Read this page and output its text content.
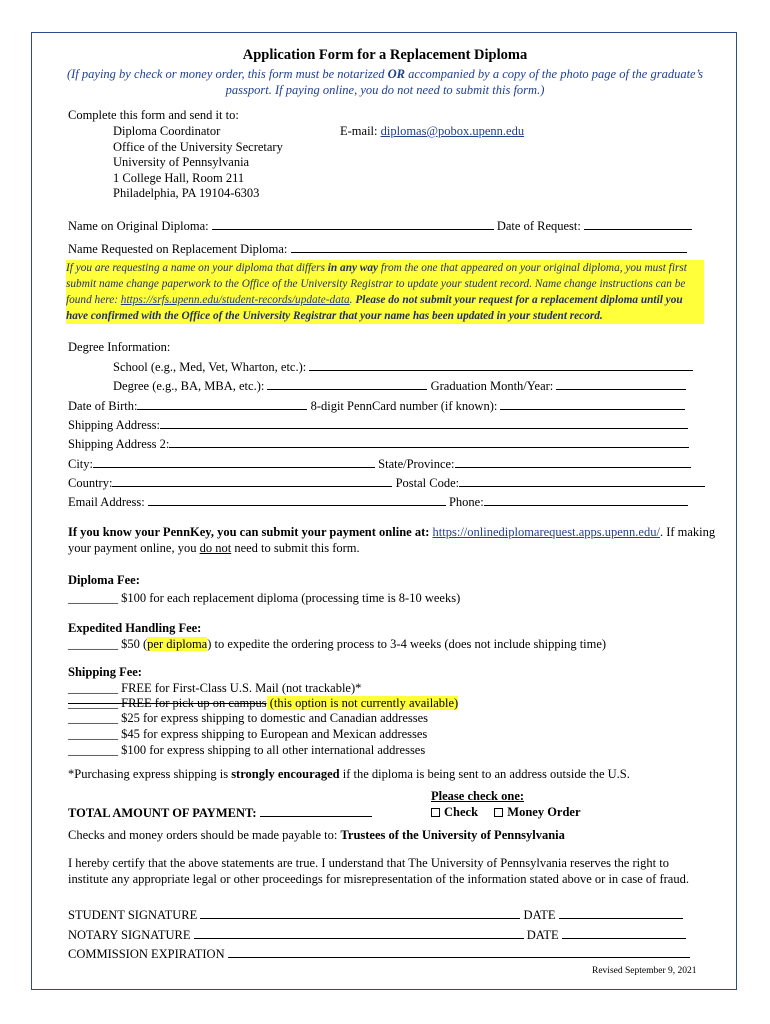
Application Form for a Replacement Diploma
(If paying by check or money order, this form must be notarized OR accompanied by a copy of the photo page of the graduate’s passport. If paying online, you do not need to submit this form.)
Complete this form and send it to:
Diploma Coordinator
Office of the University Secretary
University of Pennsylvania
1 College Hall, Room 211
Philadelphia, PA 19104-6303
E-mail: diplomas@pobox.upenn.edu
Name on Original Diploma:	Date of Request:
Name Requested on Replacement Diploma:
If you are requesting a name on your diploma that differs in any way from the one that appeared on your original diploma, you must first submit name change paperwork to the Office of the University Registrar to update your student record. Name change instructions can be found here: https://srfs.upenn.edu/student-records/update-data. Please do not submit your request for a replacement diploma until you have confirmed with the Office of the University Registrar that your name has been updated in your student record.
Degree Information:
School (e.g., Med, Vet, Wharton, etc.):
Degree (e.g., BA, MBA, etc.):	Graduation Month/Year:
Date of Birth:	8-digit PennCard number (if known):
Shipping Address:
Shipping Address 2:
City:	State/Province:
Country:	Postal Code:
Email Address:	Phone:
If you know your PennKey, you can submit your payment online at: https://onlinediplomarequest.apps.upenn.edu/. If making your payment online, you do not need to submit this form.
Diploma Fee:
________ $100 for each replacement diploma (processing time is 8-10 weeks)
Expedited Handling Fee:
________ $50 (per diploma) to expedite the ordering process to 3-4 weeks (does not include shipping time)
Shipping Fee:
________ FREE for First-Class U.S. Mail (not trackable)*
________ FREE for pick up on campus (this option is not currently available)
________ $25 for express shipping to domestic and Canadian addresses
________ $45 for express shipping to European and Mexican addresses
________ $100 for express shipping to all other international addresses
*Purchasing express shipping is strongly encouraged if the diploma is being sent to an address outside the U.S.
Please check one:
Check Money Order
TOTAL AMOUNT OF PAYMENT:
Checks and money orders should be made payable to: Trustees of the University of Pennsylvania
I hereby certify that the above statements are true. I understand that The University of Pennsylvania reserves the right to institute any appropriate legal or other proceedings for misrepresentation of the information stated above or in case of fraud.
STUDENT SIGNATURE	DATE
NOTARY SIGNATURE	DATE
COMMISSION EXPIRATION
Revised September 9, 2021
